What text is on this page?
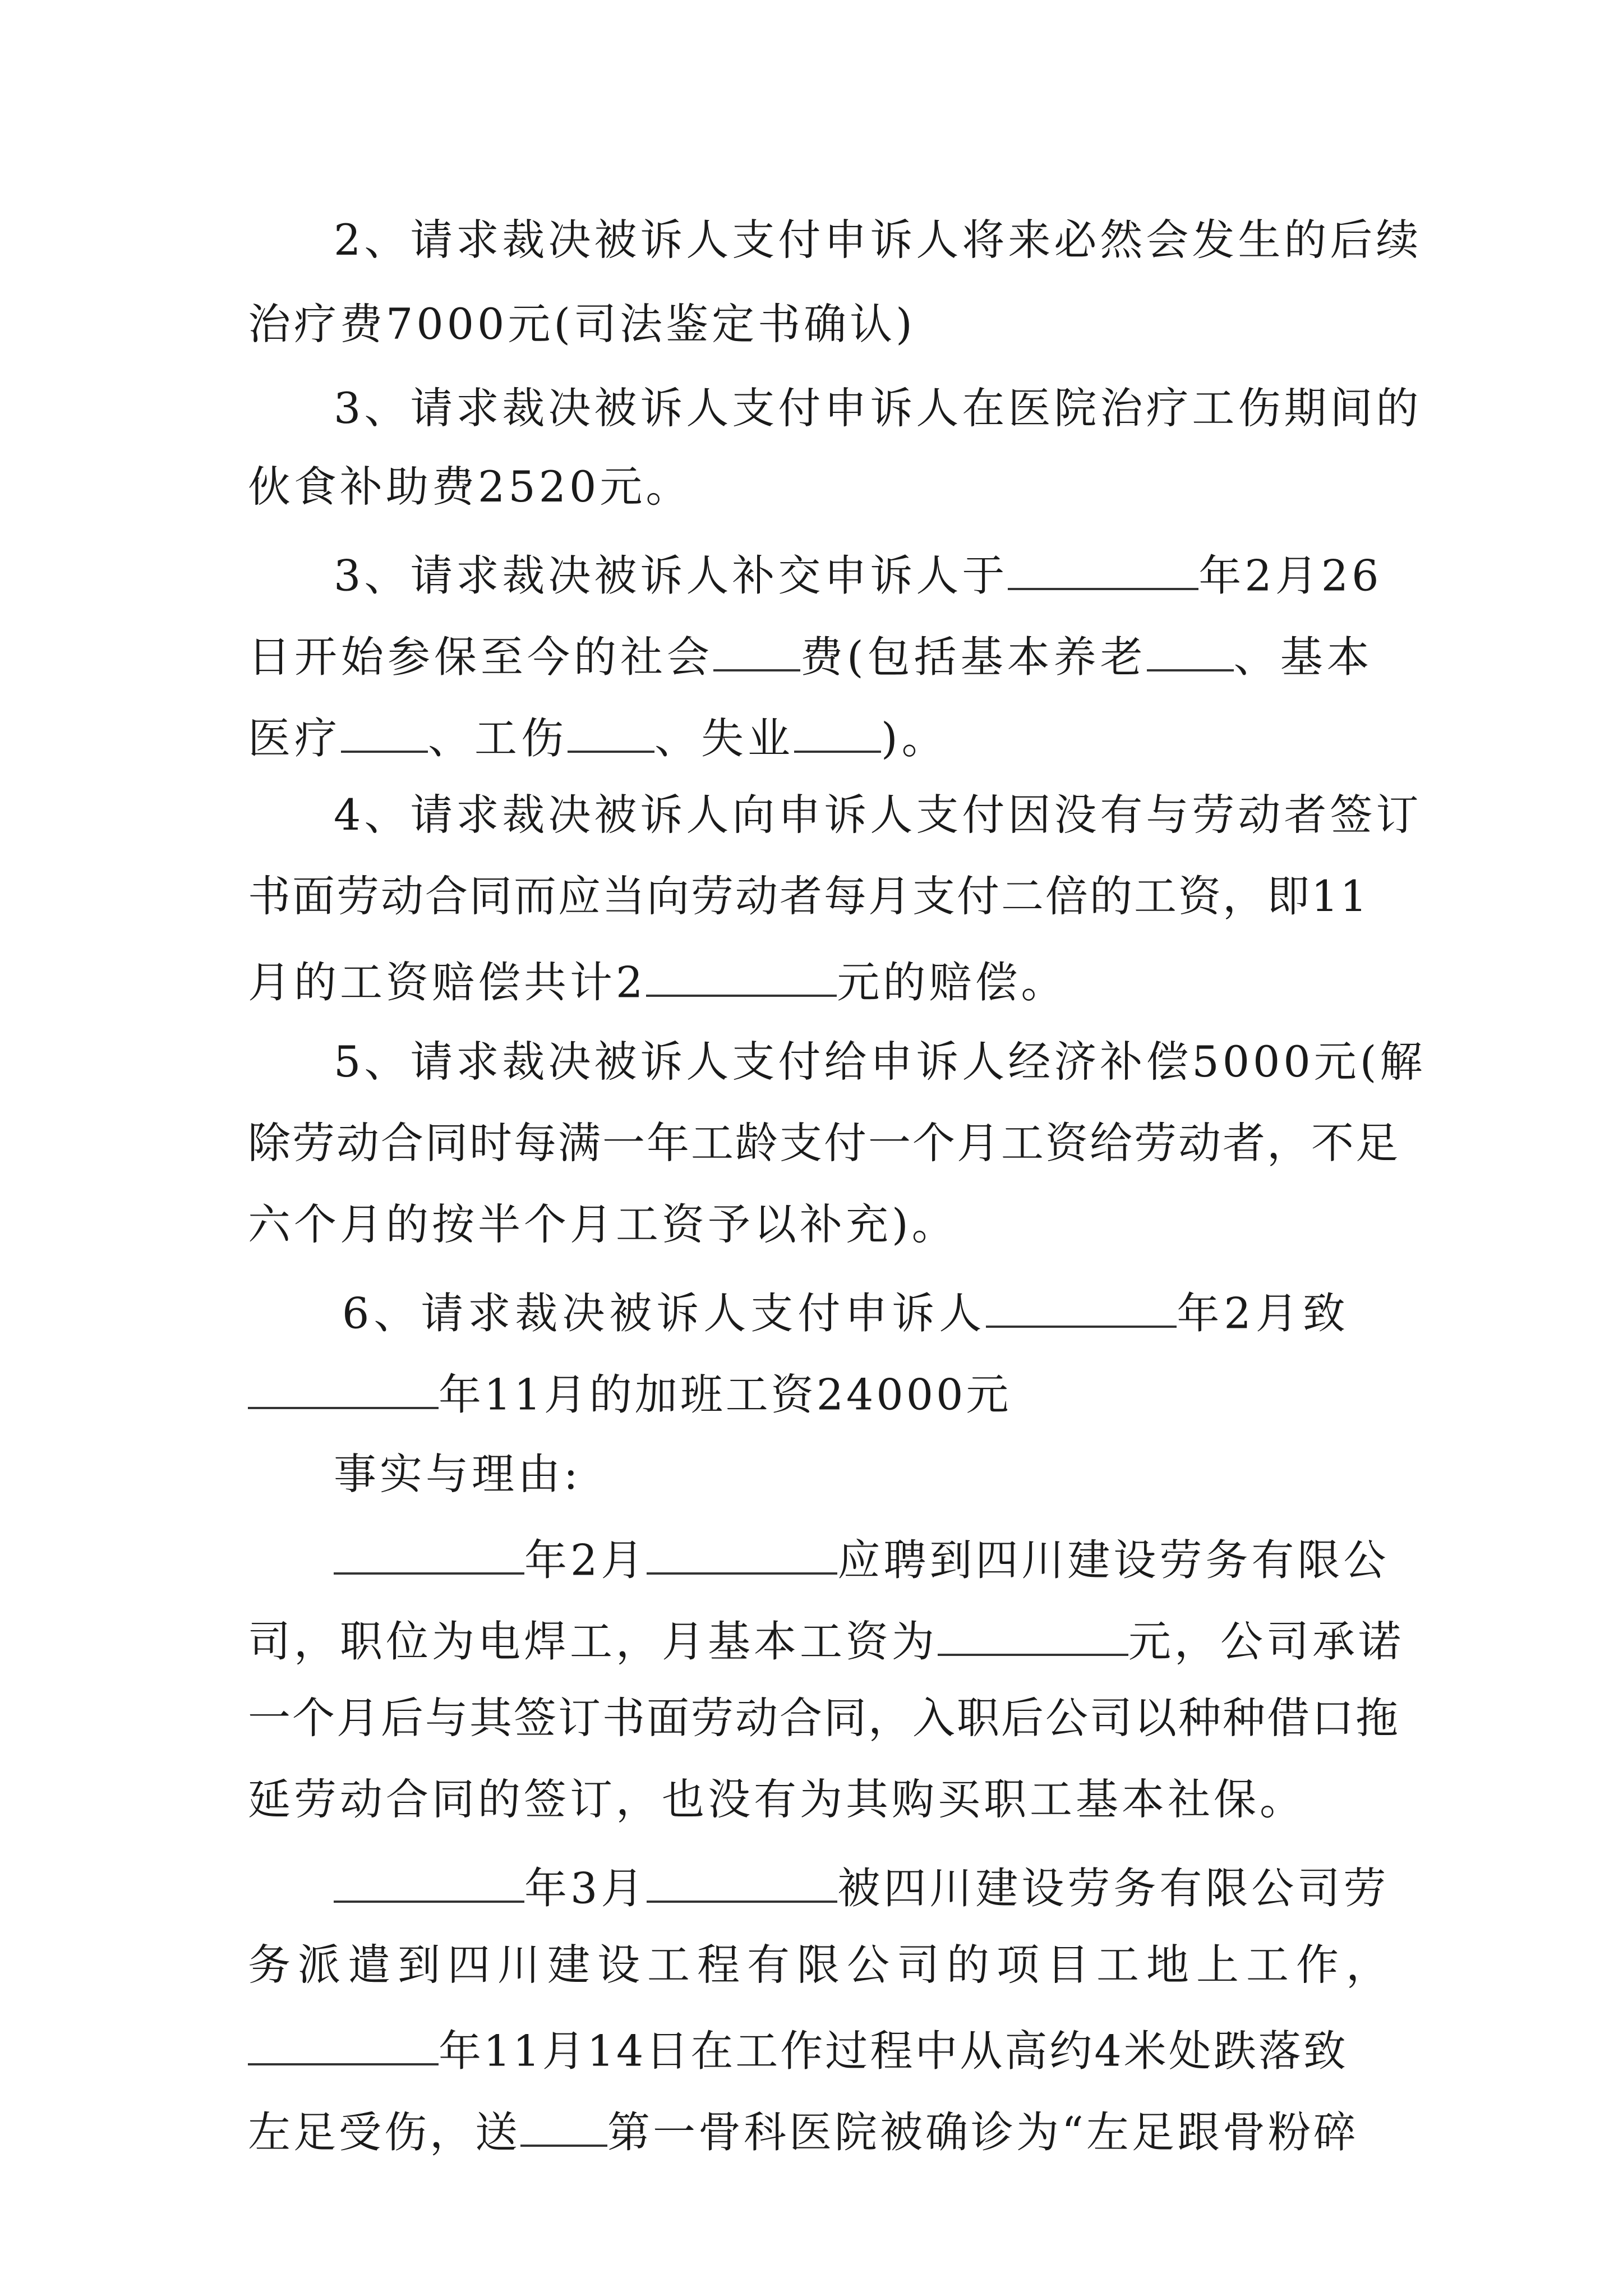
2、请求裁决被诉人支付申诉人将来必然会发生的后续
治疗费7000元(司法鉴定书确认)
3、请求裁决被诉人支付申诉人在医院治疗工伤期间的
伙食补助费2520元。
3、请求裁决被诉人补交申诉人于	年2月26
日开始参保至今的社会 费(包括基本养老 、基本
医疗 、工伤 、失业 )。
4、请求裁决被诉人向申诉人支付因没有与劳动者签订
书面劳动合同而应当向劳动者每月支付二倍的工资，即11
月的工资赔偿共计2	元的赔偿。
5、请求裁决被诉人支付给申诉人经济补偿5000元(解
除劳动合同时每满一年工龄支付一个月工资给劳动者，不足
六个月的按半个月工资予以补充)。
6、请求裁决被诉人支付申诉人	年2月致
年11月的加班工资24000元
事实与理由:
年2月	应聘到四川建设劳务有限公
司，职位为电焊工，月基本工资为	元，公司承诺
一个月后与其签订书面劳动合同，入职后公司以种种借口拖
延劳动合同的签订，也没有为其购买职工基本社保。
年3月	被四川建设劳务有限公司劳
务派遣到四川建设工程有限公司的项目工地上工作，
年11月14日在工作过程中从高约4米处跌落致
左足受伤，送 第一骨科医院被确诊为“左足跟骨粉碎
